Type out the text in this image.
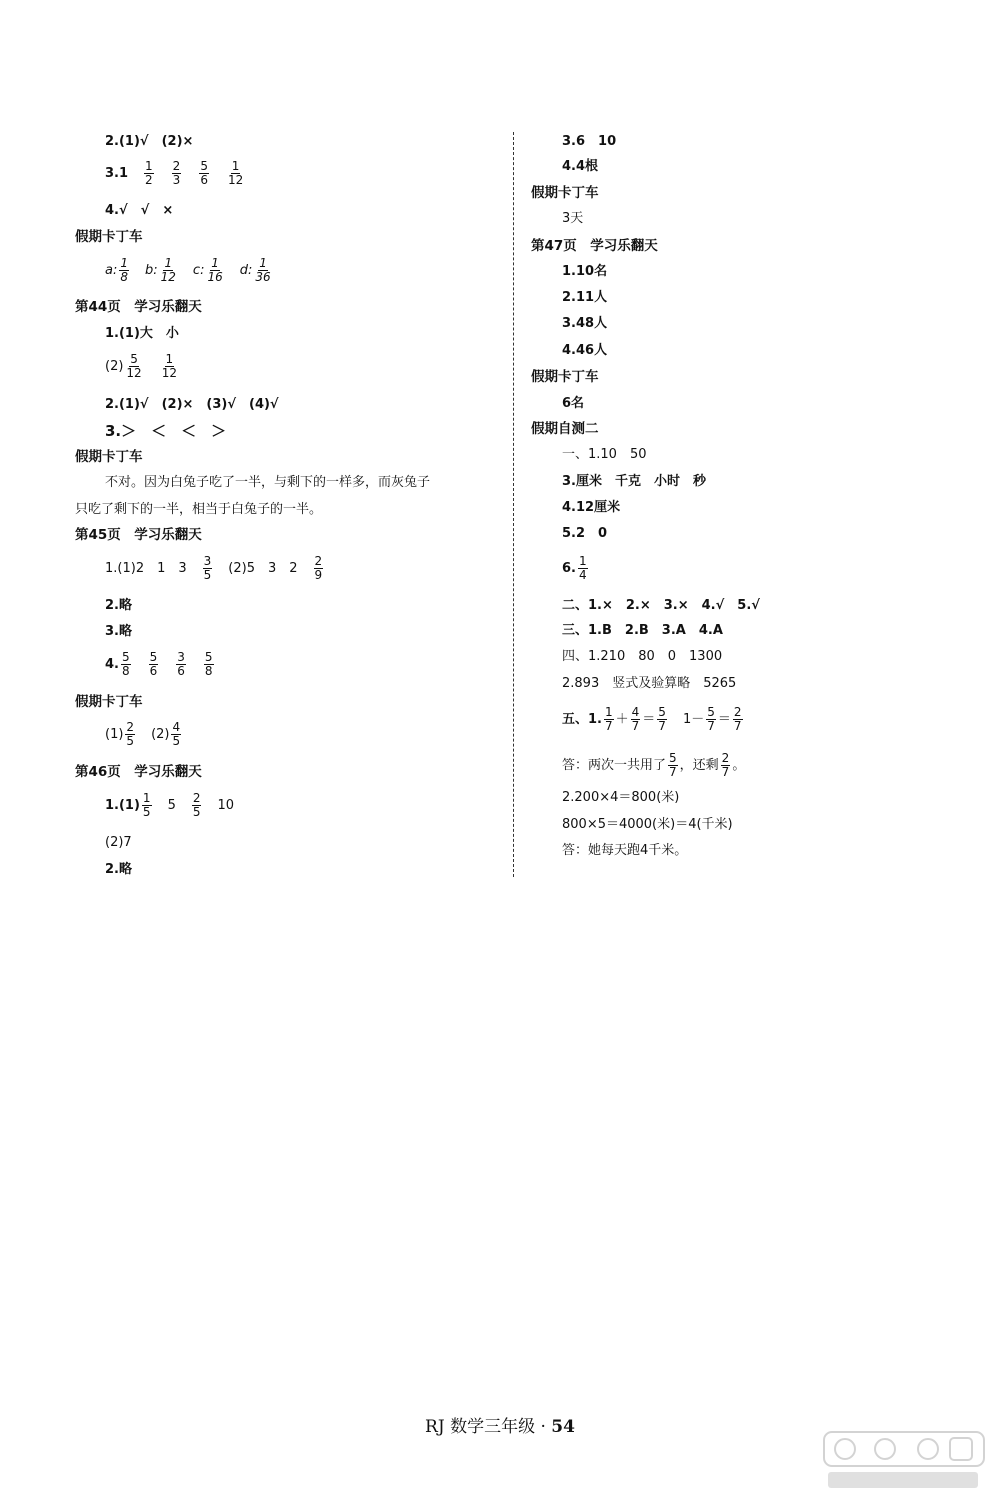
2.(1)√　(2)×
$3.1 \frac{1}{2} \frac{2}{3} \frac{5}{6} \frac{1}{12}$
4.√　√　×
假期卡丁车
a: $\frac{1}{8} b$: $\frac{1}{12} c$: $\frac{1}{16} d$: $\frac{1}{36}$
第44页　学习乐翻天
1.(1)大　小
$(2) \frac{5}{12} \frac{1}{12}$
2.(1)√　(2)×　(3)√　(4)√
3.＞　＜　＜　＞
假期卡丁车
不对。因为白兔子吃了一半，与剩下的一样多，而灰兔子
只吃了剩下的一半，相当于白兔子的一半。
第45页　学习乐翻天
1.(1)2　1　$3 \frac{3}{5} (2)5$　3　$2 \frac{2}{9}$
2.略
3.略
4. $\frac{5}{8} \frac{5}{6} \frac{3}{6} \frac{5}{8}$
假期卡丁车
$(1) \frac{2}{5} (2) \frac{4}{5}$
第46页　学习乐翻天
$1.(1) \frac{1}{5} 5 \frac{2}{5} 10$
(2)7
2.略
3.6　10
4.4根
假期卡丁车
3天
第47页　学习乐翻天
1.10名
2.11人
3.48人
4.46人
假期卡丁车
6名
假期自测二
一、1.10　50
3.厘米　千克　小时　秒
4.12厘米
5.2　0
6. $\frac{1}{4}$
二、1.×　2.×　3.×　4.√　5.√
三、1.B　2.B　3.A　4.A
四、1.210　80　0　1300
2.893　竖式及验算略　5265
五、1. $\frac{1}{7} + \frac{4}{7} = \frac{5}{7} 1- \frac{5}{7} = \frac{2}{7}$
答：两次一共用了 $\frac{5}{7}$ ，还剩 $\frac{2}{7}$ 。
2.200×4＝800(米)
800×5＝4000(米)＝4(千米)
答：她每天跑4千米。
RJ 数学三年级 · 54
